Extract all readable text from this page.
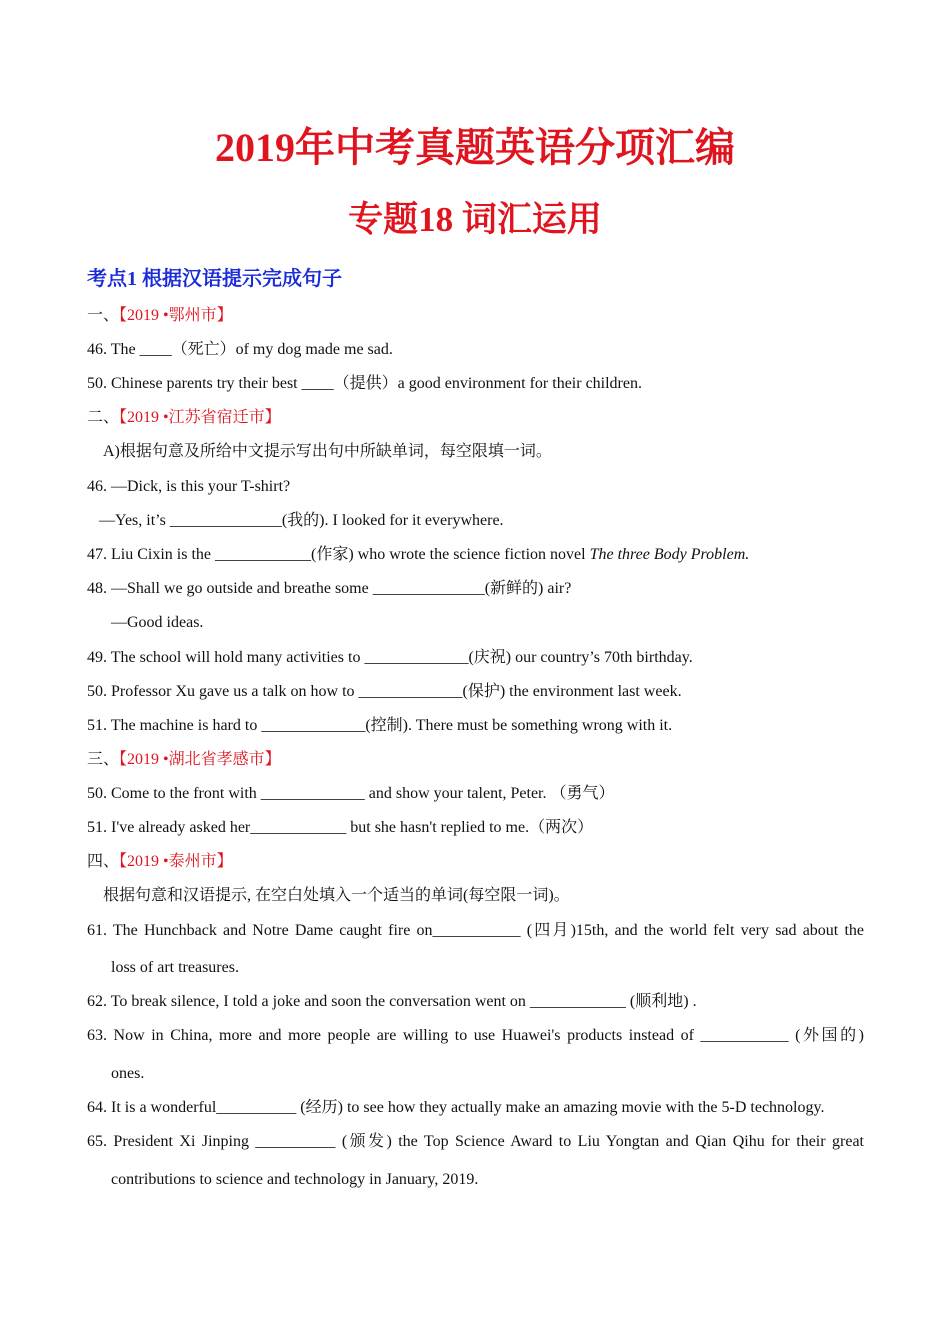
2019年中考真题英语分项汇编
专题18 词汇运用
考点1 根据汉语提示完成句子
一、【2019 •鄂州市】
46. The ____（死亡）of my dog made me sad.
50. Chinese parents try their best ____（提供）a good environment for their children.
二、【2019 •江苏省宿迁市】
A)根据句意及所给中文提示写出句中所缺单词，每空限填一词。
46. —Dick, is this your T-shirt?
—Yes, it’s ______________(我的). I looked for it everywhere.
47. Liu Cixin is the ____________(作家) who wrote the science fiction novel The three Body Problem.
48. —Shall we go outside and breathe some ______________(新鲜的) air?
—Good ideas.
49. The school will hold many activities to _____________(庆祝) our country’s 70th birthday.
50. Professor Xu gave us a talk on how to _____________(保护) the environment last week.
51. The machine is hard to _____________(控制). There must be something wrong with it.
三、【2019 •湖北省孝感市】
50. Come to the front with _____________ and show your talent, Peter. （勇气）
51. I've already asked her____________ but she hasn't replied to me.（两次）
四、【2019 •泰州市】
根据句意和汉语提示, 在空白处填入一个适当的单词(每空限一词)。
61. The Hunchback and Notre Dame caught fire on___________ (四月)15th, and the world felt very sad about the
loss of art treasures.
62. To break silence, I told a joke and soon the conversation went on ____________ (顺利地) .
63. Now in China, more and more people are willing to use Huawei's products instead of ___________ (外国的)
ones.
64. It is a wonderful__________ (经历) to see how they actually make an amazing movie with the 5-D technology.
65. President Xi Jinping __________ (颁发) the Top Science Award to Liu Yongtan and Qian Qihu for their great
contributions to science and technology in January, 2019.
